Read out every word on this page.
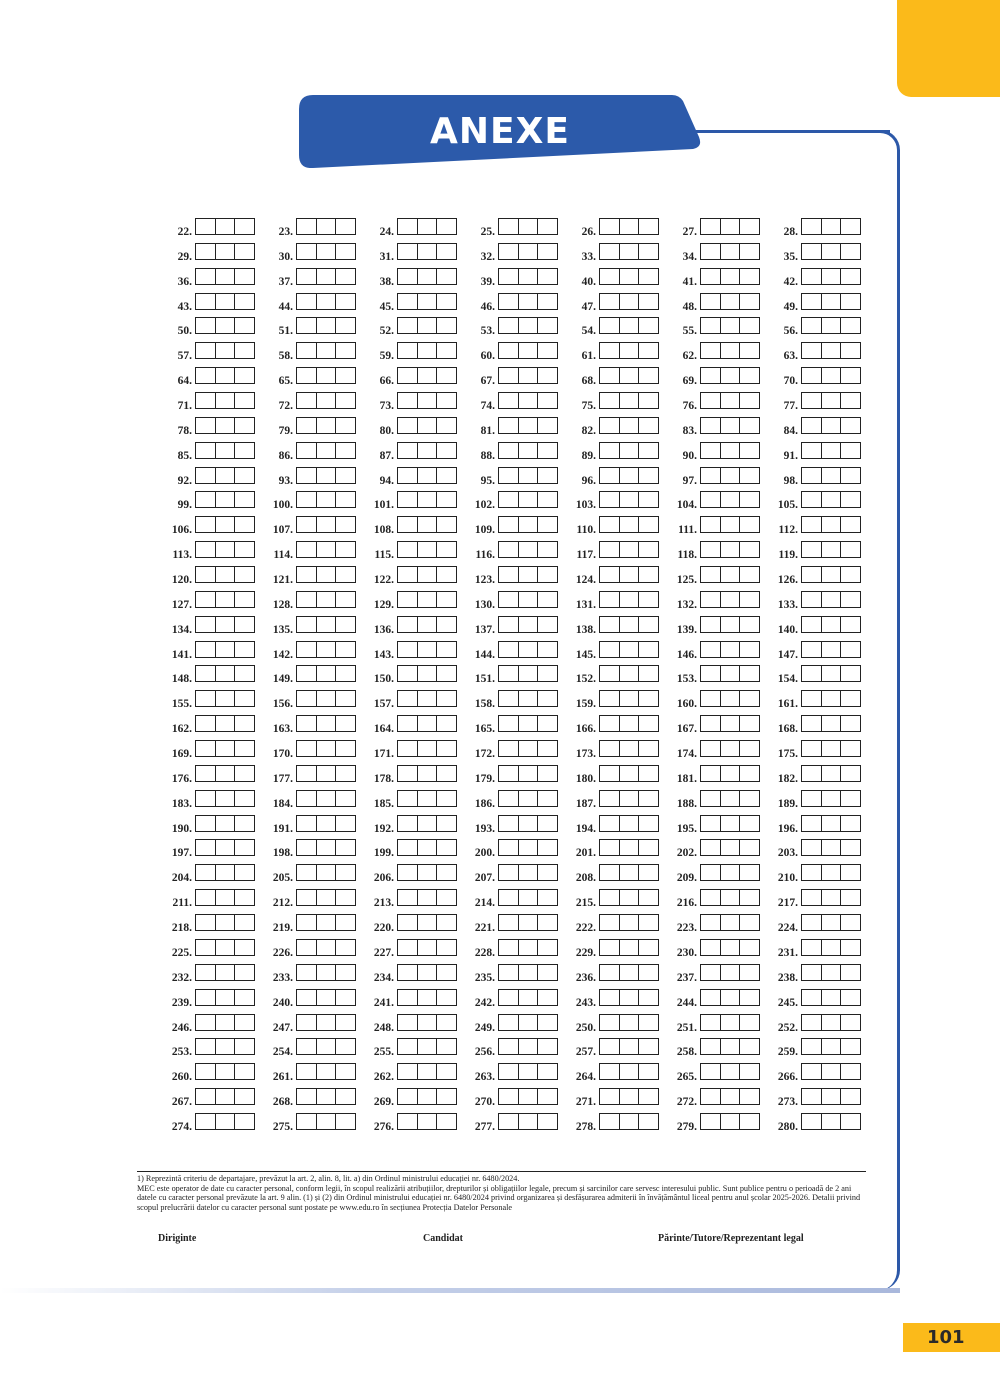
ANEXE
22.	23.	24.	25.	26.	27.	28.
29.	30.	31.	32.	33.	34.	35.
36.	37.	38.	39.	40.	41.	42.
43.	44.	45.	46.	47.	48.	49.
50.	51.	52.	53.	54.	55.	56.
57.	58.	59.	60.	61.	62.	63.
64.	65.	66.	67.	68.	69.	70.
71.	72.	73.	74.	75.	76.	77.
78.	79.	80.	81.	82.	83.	84.
85.	86.	87.	88.	89.	90.	91.
92.	93.	94.	95.	96.	97.	98.
99.	100.	101.	102.	103.	104.	105.
106.	107.	108.	109.	110.	111.	112.
113.	114.	115.	116.	117.	118.	119.
120.	121.	122.	123.	124.	125.	126.
127.	128.	129.	130.	131.	132.	133.
134.	135.	136.	137.	138.	139.	140.
141.	142.	143.	144.	145.	146.	147.
148.	149.	150.	151.	152.	153.	154.
155.	156.	157.	158.	159.	160.	161.
162.	163.	164.	165.	166.	167.	168.
169.	170.	171.	172.	173.	174.	175.
176.	177.	178.	179.	180.	181.	182.
183.	184.	185.	186.	187.	188.	189.
190.	191.	192.	193.	194.	195.	196.
197.	198.	199.	200.	201.	202.	203.
204.	205.	206.	207.	208.	209.	210.
211.	212.	213.	214.	215.	216.	217.
218.	219.	220.	221.	222.	223.	224.
225.	226.	227.	228.	229.	230.	231.
232.	233.	234.	235.	236.	237.	238.
239.	240.	241.	242.	243.	244.	245.
246.	247.	248.	249.	250.	251.	252.
253.	254.	255.	256.	257.	258.	259.
260.	261.	262.	263.	264.	265.	266.
267.	268.	269.	270.	271.	272.	273.
274.	275.	276.	277.	278.	279.	280.

1) Reprezintă criteriu de departajare, prevăzut la art. 2, alin. 8, lit. a) din Ordinul ministrului educației nr. 6480/2024.

MEC este operator de date cu caracter personal, conform legii, în scopul realizării atribuțiilor, drepturilor și obligațiilor legale, precum și sarcinilor care servesc interesului public. Sunt publice pentru o perioadă de 2 ani datele cu caracter personal prevăzute la art. 9 alin. (1) și (2) din Ordinul ministrului educației nr. 6480/2024 privind organizarea și desfășurarea admiterii în învățământul liceal pentru anul școlar 2025-2026. Detalii privind scopul prelucrării datelor cu caracter personal sunt postate pe www.edu.ro în secțiunea Protecția Datelor Personale

Diriginte	Candidat	Părinte/Tutore/Reprezentant legal
101
